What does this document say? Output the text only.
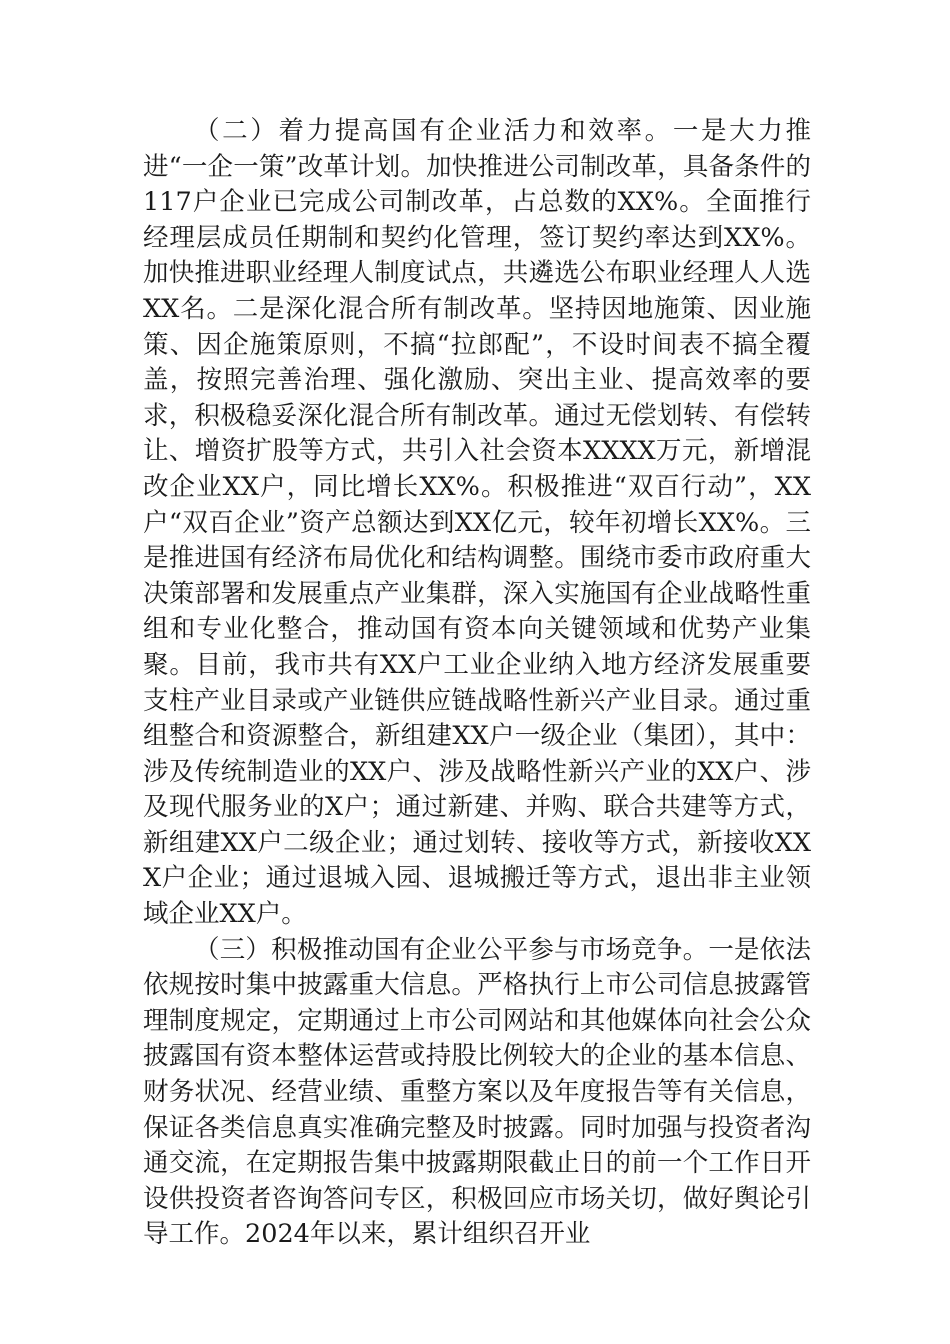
（二）着力提高国有企业活力和效率。一是大力推进“一企一策”改革计划。加快推进公司制改革，具备条件的117户企业已完成公司制改革，占总数的XX%。全面推行经理层成员任期制和契约化管理，签订契约率达到XX%。加快推进职业经理人制度试点，共遴选公布职业经理人人选XX名。二是深化混合所有制改革。坚持因地施策、因业施策、因企施策原则，不搞“拉郎配”，不设时间表不搞全覆盖，按照完善治理、强化激励、突出主业、提高效率的要求，积极稳妥深化混合所有制改革。通过无偿划转、有偿转让、增资扩股等方式，共引入社会资本XXXX万元，新增混改企业XX户，同比增长XX%。积极推进“双百行动”，XX户“双百企业”资产总额达到XX亿元，较年初增长XX%。三是推进国有经济布局优化和结构调整。围绕市委市政府重大决策部署和发展重点产业集群，深入实施国有企业战略性重组和专业化整合，推动国有资本向关键领域和优势产业集聚。目前，我市共有XX户工业企业纳入地方经济发展重要支柱产业目录或产业链供应链战略性新兴产业目录。通过重组整合和资源整合，新组建XX户一级企业（集团），其中：涉及传统制造业的XX户、涉及战略性新兴产业的XX户、涉及现代服务业的X户；通过新建、并购、联合共建等方式，新组建XX户二级企业；通过划转、接收等方式，新接收XXX户企业；通过退城入园、退城搬迁等方式，退出非主业领域企业XX户。

（三）积极推动国有企业公平参与市场竞争。一是依法依规按时集中披露重大信息。严格执行上市公司信息披露管理制度规定，定期通过上市公司网站和其他媒体向社会公众披露国有资本整体运营或持股比例较大的企业的基本信息、财务状况、经营业绩、重整方案以及年度报告等有关信息，保证各类信息真实准确完整及时披露。同时加强与投资者沟通交流，在定期报告集中披露期限截止日的前一个工作日开设供投资者咨询答问专区，积极回应市场关切，做好舆论引导工作。2024年以来，累计组织召开业
